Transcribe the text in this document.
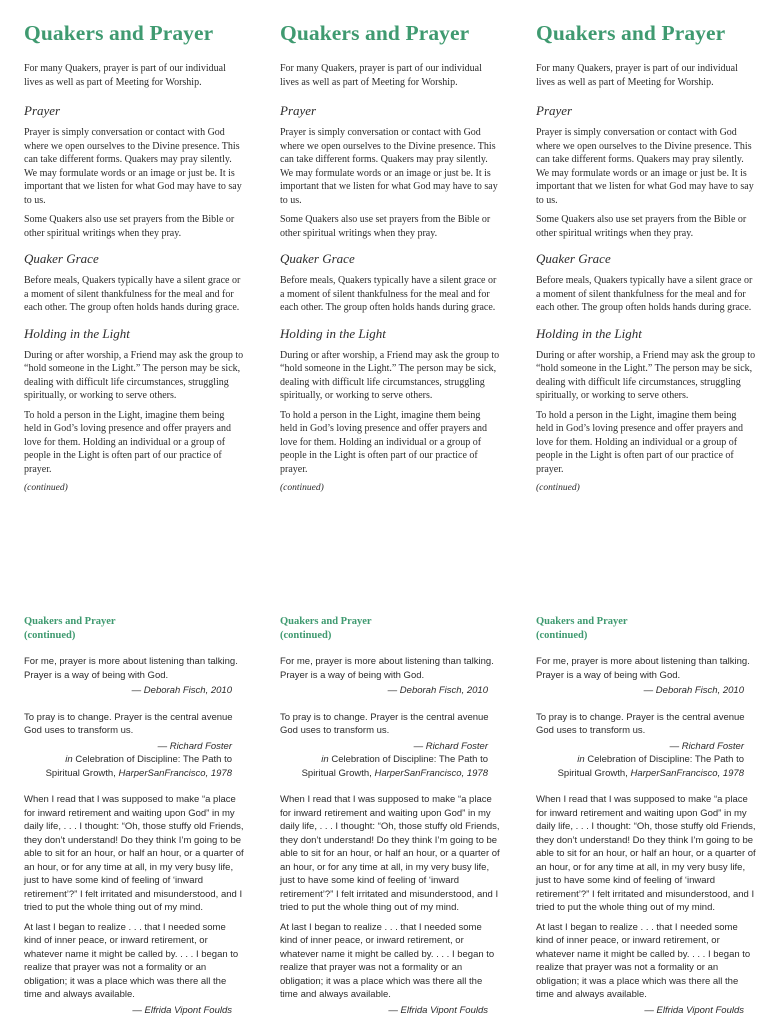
Quakers and Prayer

For many Quakers, prayer is part of our individual lives as well as part of Meeting for Worship.

Prayer

Prayer is simply conversation or contact with God where we open ourselves to the Divine presence. This can take different forms. Quakers may pray silently. We may formulate words or an image or just be. It is important that we listen for what God may have to say to us.

Some Quakers also use set prayers from the Bible or other spiritual writings when they pray.

Quaker Grace

Before meals, Quakers typically have a silent grace or a moment of silent thankfulness for the meal and for each other. The group often holds hands during grace.

Holding in the Light

During or after worship, a Friend may ask the group to “hold someone in the Light.” The person may be sick, dealing with difficult life circumstances, struggling spiritually, or working to serve others.

To hold a person in the Light, imagine them being held in God’s loving presence and offer prayers and love for them. Holding an individual or a group of people in the Light is often part of our practice of prayer.

(continued)
Quakers and Prayer

For many Quakers, prayer is part of our individual lives as well as part of Meeting for Worship.

Prayer

Prayer is simply conversation or contact with God where we open ourselves to the Divine presence. This can take different forms. Quakers may pray silently. We may formulate words or an image or just be. It is important that we listen for what God may have to say to us.

Some Quakers also use set prayers from the Bible or other spiritual writings when they pray.

Quaker Grace

Before meals, Quakers typically have a silent grace or a moment of silent thankfulness for the meal and for each other. The group often holds hands during grace.

Holding in the Light

During or after worship, a Friend may ask the group to “hold someone in the Light.” The person may be sick, dealing with difficult life circumstances, struggling spiritually, or working to serve others.

To hold a person in the Light, imagine them being held in God’s loving presence and offer prayers and love for them. Holding an individual or a group of people in the Light is often part of our practice of prayer.

(continued)
Quakers and Prayer

For many Quakers, prayer is part of our individual lives as well as part of Meeting for Worship.

Prayer

Prayer is simply conversation or contact with God where we open ourselves to the Divine presence. This can take different forms. Quakers may pray silently. We may formulate words or an image or just be. It is important that we listen for what God may have to say to us.

Some Quakers also use set prayers from the Bible or other spiritual writings when they pray.

Quaker Grace

Before meals, Quakers typically have a silent grace or a moment of silent thankfulness for the meal and for each other. The group often holds hands during grace.

Holding in the Light

During or after worship, a Friend may ask the group to “hold someone in the Light.” The person may be sick, dealing with difficult life circumstances, struggling spiritually, or working to serve others.

To hold a person in the Light, imagine them being held in God’s loving presence and offer prayers and love for them. Holding an individual or a group of people in the Light is often part of our practice of prayer.

(continued)
Quakers and Prayer
(continued)

For me, prayer is more about listening than talking. Prayer is a way of being with God.

— Deborah Fisch, 2010

To pray is to change. Prayer is the central avenue God uses to transform us.

— Richard Foster
in Celebration of Discipline: The Path to
Spiritual Growth, HarperSanFrancisco, 1978

When I read that I was supposed to make “a place for inward retirement and waiting upon God” in my daily life, . . . I thought: “Oh, those stuffy old Friends, they don’t understand! Do they think I’m going to be able to sit for an hour, or half an hour, or a quarter of an hour, or for any time at all, in my very busy life, just to have some kind of feeling of ‘inward retirement’?” I felt irritated and misunderstood, and I tried to put the whole thing out of my mind.

At last I began to realize . . . that I needed some kind of inner peace, or inward retirement, or whatever name it might be called by. . . . I began to realize that prayer was not a formality or an obligation; it was a place which was there all the time and always available.

— Elfrida Vipont Foulds
Quakers and Prayer
(continued)

For me, prayer is more about listening than talking. Prayer is a way of being with God.

— Deborah Fisch, 2010

To pray is to change. Prayer is the central avenue God uses to transform us.

— Richard Foster
in Celebration of Discipline: The Path to
Spiritual Growth, HarperSanFrancisco, 1978

When I read that I was supposed to make “a place for inward retirement and waiting upon God” in my daily life, . . . I thought: “Oh, those stuffy old Friends, they don’t understand! Do they think I’m going to be able to sit for an hour, or half an hour, or a quarter of an hour, or for any time at all, in my very busy life, just to have some kind of feeling of ‘inward retirement’?” I felt irritated and misunderstood, and I tried to put the whole thing out of my mind.

At last I began to realize . . . that I needed some kind of inner peace, or inward retirement, or whatever name it might be called by. . . . I began to realize that prayer was not a formality or an obligation; it was a place which was there all the time and always available.

— Elfrida Vipont Foulds
Quakers and Prayer
(continued)

For me, prayer is more about listening than talking. Prayer is a way of being with God.

— Deborah Fisch, 2010

To pray is to change. Prayer is the central avenue God uses to transform us.

— Richard Foster
in Celebration of Discipline: The Path to
Spiritual Growth, HarperSanFrancisco, 1978

When I read that I was supposed to make “a place for inward retirement and waiting upon God” in my daily life, . . . I thought: “Oh, those stuffy old Friends, they don’t understand! Do they think I’m going to be able to sit for an hour, or half an hour, or a quarter of an hour, or for any time at all, in my very busy life, just to have some kind of feeling of ‘inward retirement’?” I felt irritated and misunderstood, and I tried to put the whole thing out of my mind.

At last I began to realize . . . that I needed some kind of inner peace, or inward retirement, or whatever name it might be called by. . . . I began to realize that prayer was not a formality or an obligation; it was a place which was there all the time and always available.

— Elfrida Vipont Foulds
